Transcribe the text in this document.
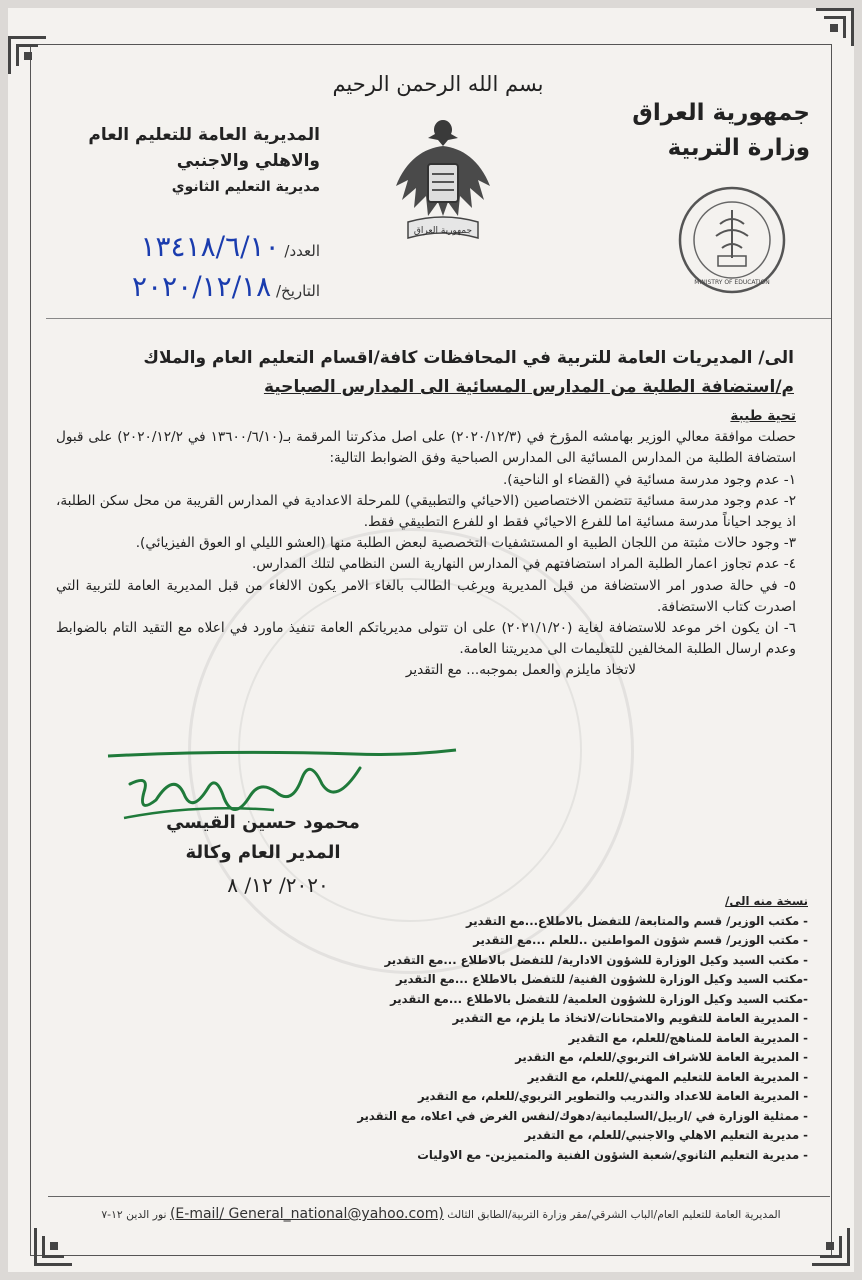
بسم الله الرحمن الرحيم
جمهورية العراق
وزارة التربية
المديرية العامة للتعليم العام
والاهلي والاجنبي
مديرية التعليم الثانوي
جمهورية العراق
MINISTRY OF EDUCATION
العدد/ ١٣٤١٨/٦/١٠
التاريخ/ ٢٠٢٠/١٢/١٨
الى/ المديريات العامة للتربية في المحافظات كافة/اقسام التعليم العام والملاك
م/استضافة الطلبة من المدارس المسائية الى المدارس الصباحية

تحية طيبة

حصلت موافقة معالي الوزير بهامشه المؤرخ في (٢٠٢٠/١٢/٣) على اصل مذكرتنا المرقمة بـ(١٣٦٠٠/٦/١٠ في ٢٠٢٠/١٢/٢) على قبول استضافة الطلبة من المدارس المسائية الى المدارس الصباحية وفق الضوابط التالية:

١- عدم وجود مدرسة مسائية في (القضاء او الناحية).

٢- عدم وجود مدرسة مسائية تتضمن الاختصاصين (الاحيائي والتطبيقي) للمرحلة الاعدادية في المدارس القريبة من محل سكن الطلبة، اذ يوجد احياناً مدرسة مسائية اما للفرع الاحيائي فقط او للفرع التطبيقي فقط.

٣- وجود حالات مثبتة من اللجان الطبية او المستشفيات التخصصية لبعض الطلبة منها (العشو الليلي او العوق الفيزيائي).

٤- عدم تجاوز اعمار الطلبة المراد استضافتهم في المدارس النهارية السن النظامي لتلك المدارس.

٥- في حالة صدور امر الاستضافة من قبل المديرية ويرغب الطالب بالغاء الامر يكون الالغاء من قبل المديرية العامة للتربية التي اصدرت كتاب الاستضافة.

٦- ان يكون اخر موعد للاستضافة لغاية (٢٠٢١/١/٢٠) على ان تتولى مديرياتكم العامة تنفيذ ماورد في اعلاه مع التقيد التام بالضوابط وعدم ارسال الطلبة المخالفين للتعليمات الى مديريتنا العامة.

لاتخاذ مايلزم والعمل بموجبه... مع التقدير

محمود حسين القيسي
المدير العام وكالة
٢٠٢٠/ ١٢/ ٨
نسخة منه الى/
- مكتب الوزير/ قسم والمتابعة/ للتفضل بالاطلاع...مع التقدير
- مكتب الوزير/ قسم شؤون المواطنين ..للعلم ...مع التقدير
- مكتب السيد وكيل الوزارة للشؤون الادارية/ للتفضل بالاطلاع ...مع التقدير
-مكتب السيد وكيل الوزارة للشؤون الفنية/ للتفضل بالاطلاع ...مع التقدير
-مكتب السيد وكيل الوزارة للشؤون العلمية/ للتفضل بالاطلاع ...مع التقدير
- المديرية العامة للتقويم والامتحانات/لاتخاذ ما يلزم، مع التقدير
- المديرية العامة للمناهج/للعلم، مع التقدير
- المديرية العامة للاشراف التربوي/للعلم، مع التقدير
- المديرية العامة للتعليم المهني/للعلم، مع التقدير
- المديرية العامة للاعداد والتدريب والتطوير التربوي/للعلم، مع التقدير
- ممثلية الوزارة في /اربيل/السليمانية/دهوك/لنفس الغرض في اعلاه، مع التقدير
- مديرية التعليم الاهلي والاجنبي/للعلم، مع التقدير
- مديرية التعليم الثانوي/شعبة الشؤون الفنية والمتميزين- مع الاوليات
المديرية العامة للتعليم العام/الباب الشرقي/مقر وزارة التربية/الطابق الثالث (E-mail/ General_national@yahoo.com) نور الدين ١٢-٧
